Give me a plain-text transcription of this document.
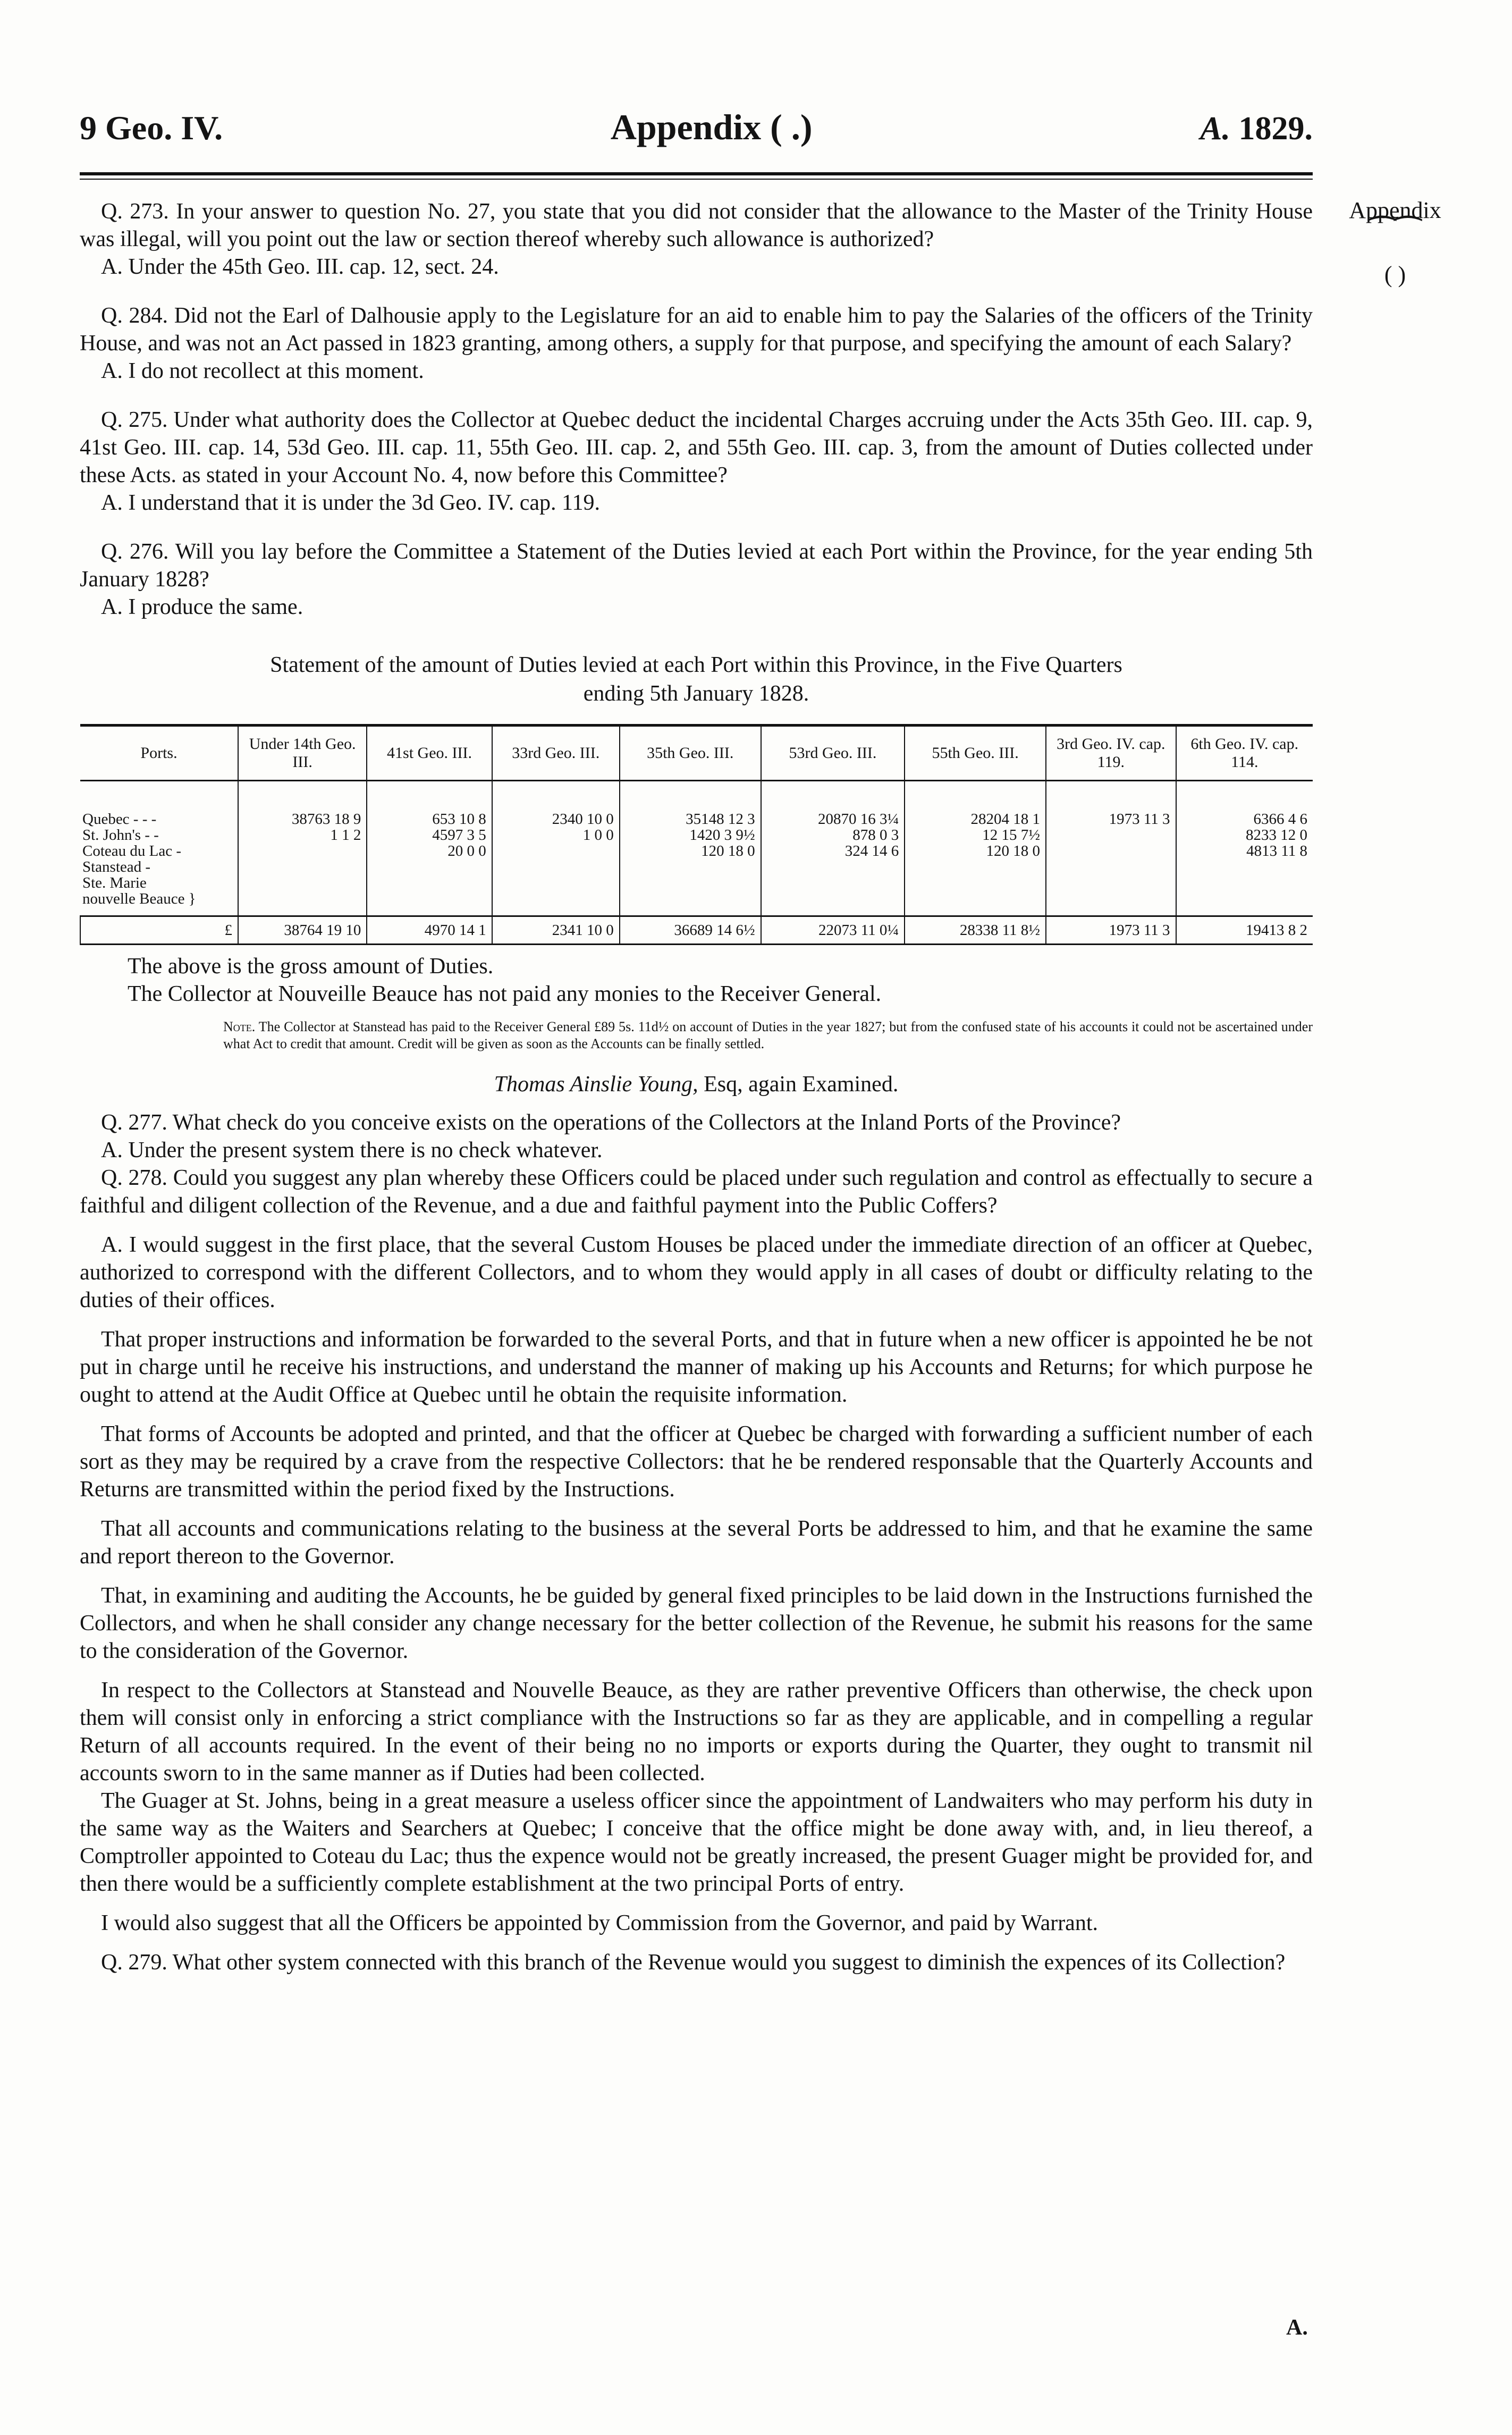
9 Geo. IV.	Appendix ( .)	A. 1829.

Q. 273. In your answer to question No. 27, you state that you did not consider that the allowance to the Master of the Trinity House was illegal, will you point out the law or section thereof whereby such allowance is authorized?

A. Under the 45th Geo. III. cap. 12, sect. 24.

Q. 284. Did not the Earl of Dalhousie apply to the Legislature for an aid to enable him to pay the Salaries of the officers of the Trinity House, and was not an Act passed in 1823 granting, among others, a supply for that purpose, and specifying the amount of each Salary?

A. I do not recollect at this moment.

Q. 275. Under what authority does the Collector at Quebec deduct the incidental Charges accruing under the Acts 35th Geo. III. cap. 9, 41st Geo. III. cap. 14, 53d Geo. III. cap. 11, 55th Geo. III. cap. 2, and 55th Geo. III. cap. 3, from the amount of Duties collected under these Acts. as stated in your Account No. 4, now before this Committee?

A. I understand that it is under the 3d Geo. IV. cap. 119.

Q. 276. Will you lay before the Committee a Statement of the Duties levied at each Port within the Province, for the year ending 5th January 1828?

A. I produce the same.

Statement of the amount of Duties levied at each Port within this Province, in the Five Quarters
ending 5th January 1828.
Ports.	Under 14th Geo. III.	41st Geo. III.	33rd Geo. III.	35th Geo. III.	53rd Geo. III.	55th Geo. III.	3rd Geo. IV. cap. 119.	6th Geo. IV. cap. 114.
Quebec - - -	38763 18 9	653 10 8	2340 10 0	35148 12 3	20870 16 3¼	28204 18 1	1973 11 3	6366 4 6
St. John's - -	1 1 2	4597 3 5	1 0 0	1420 3 9½	878 0 3	12 15 7½		8233 12 0
Coteau du Lac -		20 0 0		120 18 0	324 14 6	120 18 0		4813 11 8
Stanstead -								
Ste. Marie								
nouvelle Beauce }								
£	38764 19 10	4970 14 1	2341 10 0	36689 14 6½	22073 11 0¼	28338 11 8½	1973 11 3	19413 8 2

The above is the gross amount of Duties.

The Collector at Nouveille Beauce has not paid any monies to the Receiver General.

Note. The Collector at Stanstead has paid to the Receiver General £89 5s. 11d½ on account of Duties in the year 1827; but from the confused state of his accounts it could not be ascertained under what Act to credit that amount. Credit will be given as soon as the Accounts can be finally settled.

Thomas Ainslie Young, Esq, again Examined.

Q. 277. What check do you conceive exists on the operations of the Collectors at the Inland Ports of the Province?

A. Under the present system there is no check whatever.

Q. 278. Could you suggest any plan whereby these Officers could be placed under such regulation and control as effectually to secure a faithful and diligent collection of the Revenue, and a due and faithful payment into the Public Coffers?

A. I would suggest in the first place, that the several Custom Houses be placed under the immediate direction of an officer at Quebec, authorized to correspond with the different Collectors, and to whom they would apply in all cases of doubt or difficulty relating to the duties of their offices.

That proper instructions and information be forwarded to the several Ports, and that in future when a new officer is appointed he be not put in charge until he receive his instructions, and understand the manner of making up his Accounts and Returns; for which purpose he ought to attend at the Audit Office at Quebec until he obtain the requisite information.

That forms of Accounts be adopted and printed, and that the officer at Quebec be charged with forwarding a sufficient number of each sort as they may be required by a crave from the respective Collectors: that he be rendered responsable that the Quarterly Accounts and Returns are transmitted within the period fixed by the Instructions.

That all accounts and communications relating to the business at the several Ports be addressed to him, and that he examine the same and report thereon to the Governor.

That, in examining and auditing the Accounts, he be guided by general fixed principles to be laid down in the Instructions furnished the Collectors, and when he shall consider any change necessary for the better collection of the Revenue, he submit his reasons for the same to the consideration of the Governor.

In respect to the Collectors at Stanstead and Nouvelle Beauce, as they are rather preventive Officers than otherwise, the check upon them will consist only in enforcing a strict compliance with the Instructions so far as they are applicable, and in compelling a regular Return of all accounts required. In the event of their being no no imports or exports during the Quarter, they ought to transmit nil accounts sworn to in the same manner as if Duties had been collected.

The Guager at St. Johns, being in a great measure a useless officer since the appointment of Landwaiters who may perform his duty in the same way as the Waiters and Searchers at Quebec; I conceive that the office might be done away with, and, in lieu thereof, a Comptroller appointed to Coteau du Lac; thus the expence would not be greatly increased, the present Guager might be provided for, and then there would be a sufficiently complete establishment at the two principal Ports of entry.

I would also suggest that all the Officers be appointed by Commission from the Governor, and paid by Warrant.

Q. 279. What other system connected with this branch of the Revenue would you suggest to diminish the expences of its Collection?

Appendix
⁀⁀
( )
A.
